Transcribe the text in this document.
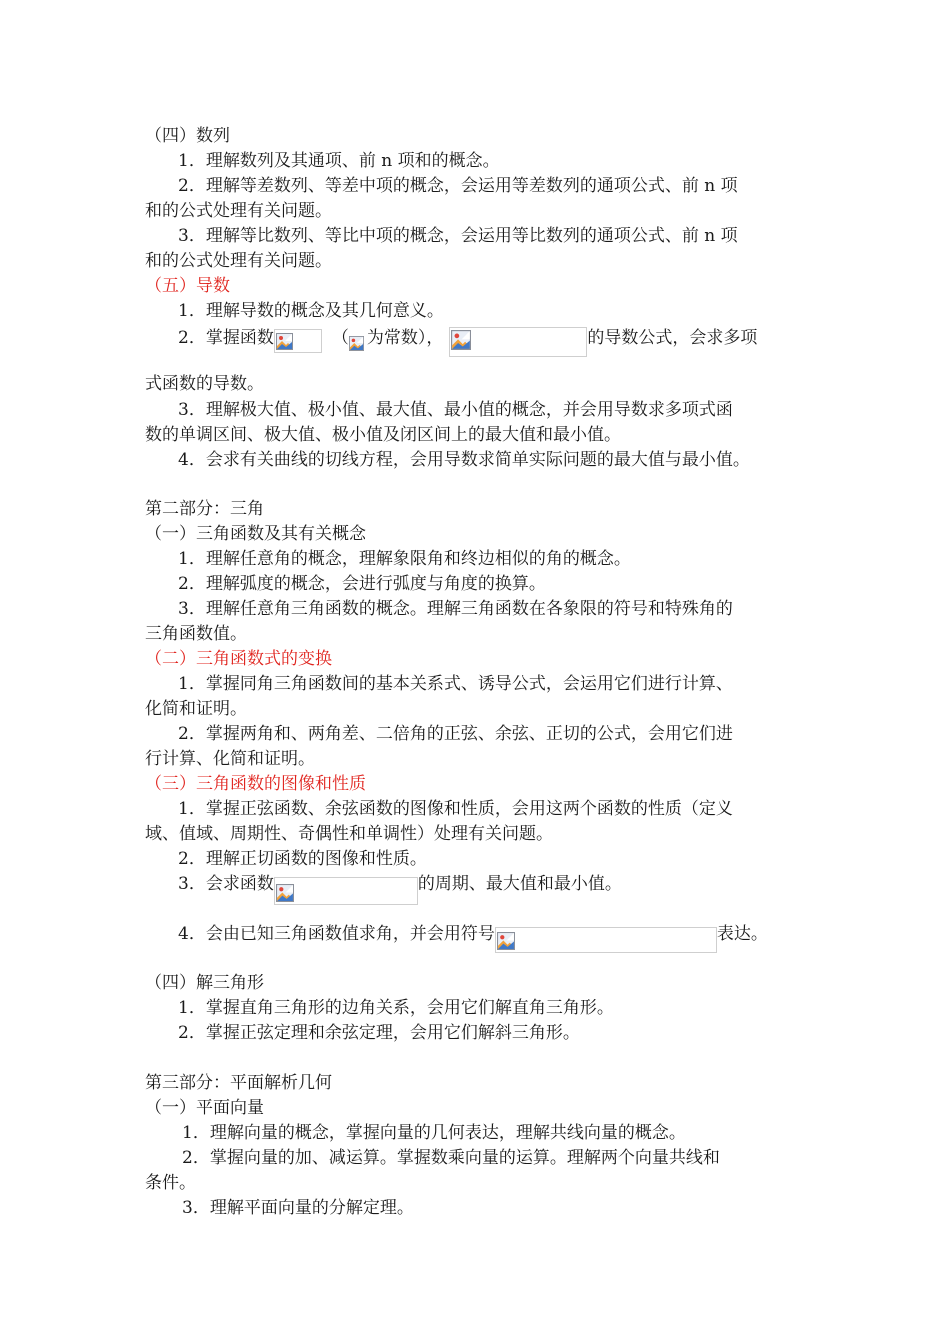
（四）数列
1．理解数列及其通项、前 n 项和的概念。
2．理解等差数列、等差中项的概念，会运用等差数列的通项公式、前 n 项
和的公式处理有关问题。
3．理解等比数列、等比中项的概念，会运用等比数列的通项公式、前 n 项
和的公式处理有关问题。
（五）导数
1．理解导数的概念及其几何意义。
2．掌握函数	（ 为常数），	的导数公式，会求多项
式函数的导数。
3．理解极大值、极小值、最大值、最小值的概念，并会用导数求多项式函
数的单调区间、极大值、极小值及闭区间上的最大值和最小值。
4．会求有关曲线的切线方程，会用导数求简单实际问题的最大值与最小值。
第二部分：三角
（一）三角函数及其有关概念
1．理解任意角的概念，理解象限角和终边相似的角的概念。
2．理解弧度的概念，会进行弧度与角度的换算。
3．理解任意角三角函数的概念。理解三角函数在各象限的符号和特殊角的
三角函数值。
（二）三角函数式的变换
1．掌握同角三角函数间的基本关系式、诱导公式，会运用它们进行计算、
化简和证明。
2．掌握两角和、两角差、二倍角的正弦、余弦、正切的公式，会用它们进
行计算、化简和证明。
（三）三角函数的图像和性质
1．掌握正弦函数、余弦函数的图像和性质，会用这两个函数的性质（定义
域、值域、周期性、奇偶性和单调性）处理有关问题。
2．理解正切函数的图像和性质。
3．会求函数	的周期、最大值和最小值。
4．会由已知三角函数值求角，并会用符号	表达。
（四）解三角形
1．掌握直角三角形的边角关系，会用它们解直角三角形。
2．掌握正弦定理和余弦定理，会用它们解斜三角形。
第三部分：平面解析几何
（一）平面向量
1．理解向量的概念，掌握向量的几何表达，理解共线向量的概念。
2．掌握向量的加、减运算。掌握数乘向量的运算。理解两个向量共线和
条件。
3．理解平面向量的分解定理。
